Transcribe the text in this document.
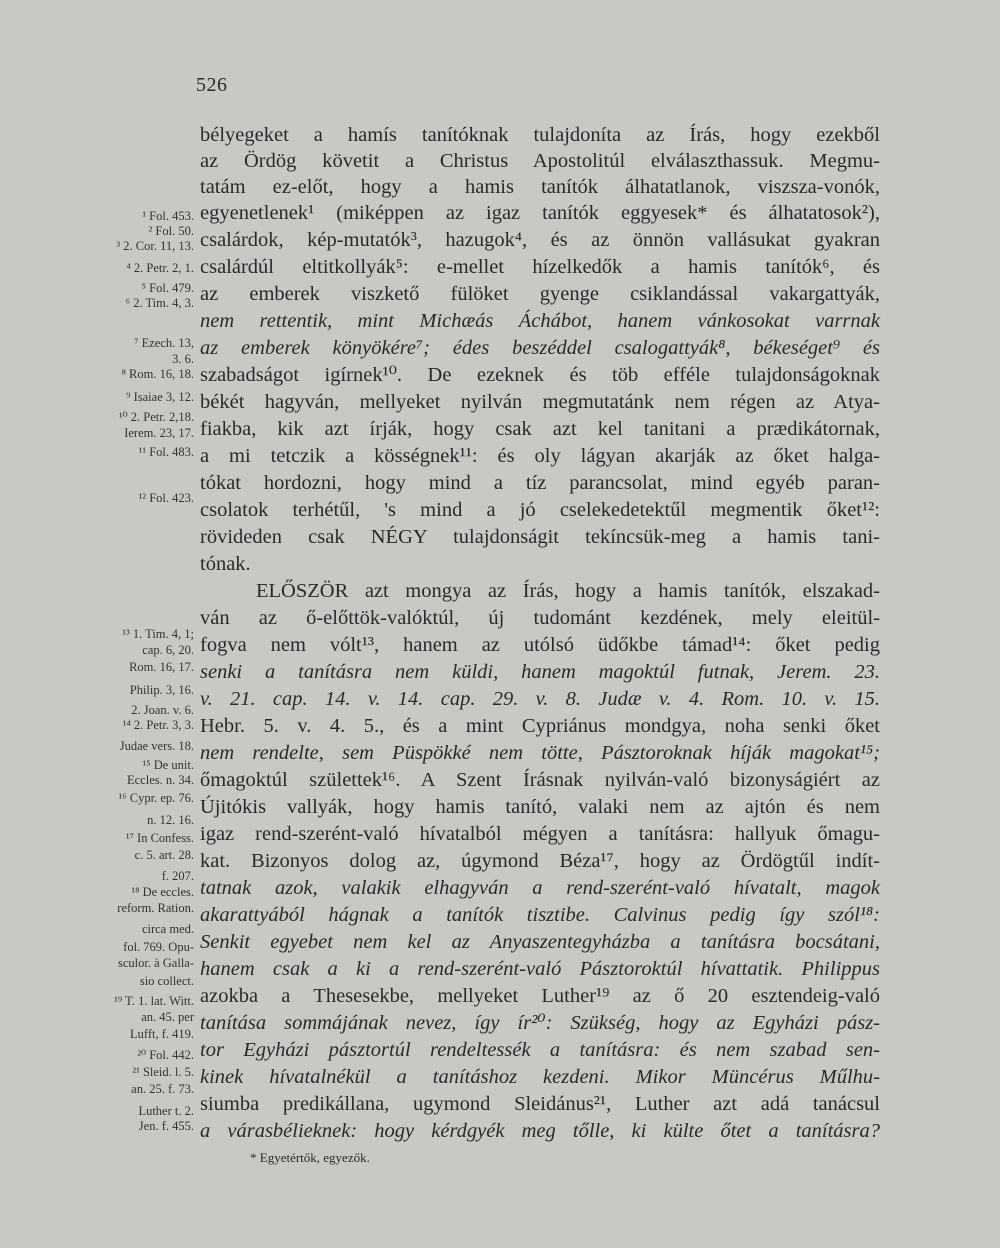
526
bélyegeket a hamís tanítóknak tulajdoníta az Írás, hogy ezekből
az Ördög követit a Christus Apostolitúl elválaszthassuk. Megmu-
tatám ez-előt, hogy a hamis tanítók álhatatlanok, viszsza-vonók,
egyenetlenek¹ (miképpen az igaz tanítók eggyesek* és álhatatosok²),
csalárdok, kép-mutatók³, hazugok⁴, és az önnön vallásukat gyakran
csalárdúl eltitkollyák⁵: e-mellet hízelkedők a hamis tanítók⁶, és
az emberek viszkető fülöket gyenge csiklandással vakargattyák,
nem rettentik, mint Michæás Áchábot, hanem vánkosokat varrnak
az emberek könyökére⁷; édes beszéddel csalogattyák⁸, békeséget⁹ és
szabadságot igírnek¹⁰. De ezeknek és töb efféle tulajdonságoknak
békét hagyván, mellyeket nyilván megmutatánk nem régen az Atya-
fiakba, kik azt írják, hogy csak azt kel tanitani a prædikátornak,
a mi tetczik a kösségnek¹¹: és oly lágyan akarják az őket halga-
tókat hordozni, hogy mind a tíz parancsolat, mind egyéb paran-
csolatok terhétűl, 's mind a jó cselekedetektűl megmentik őket¹²:
rövideden csak NÉGY tulajdonságit tekíncsük-meg a hamis tani-
tónak.
ELŐSZÖR azt mongya az Írás, hogy a hamis tanítók, elszakad-
ván az ő-előttök-valóktúl, új tudománt kezdének, mely eleitül-
fogva nem vólt¹³, hanem az utólsó üdőkbe támad¹⁴: őket pedig
senki a tanításra nem küldi, hanem magoktúl futnak, Jerem. 23.
v. 21. cap. 14. v. 14. cap. 29. v. 8. Judæ v. 4. Rom. 10. v. 15.
Hebr. 5. v. 4. 5., és a mint Cypriánus mondgya, noha senki őket
nem rendelte, sem Püspökké nem tötte, Pásztoroknak híják magokat¹⁵;
őmagoktúl születtek¹⁶. A Szent Írásnak nyilván-való bizonyságiért az
Újitókis vallyák, hogy hamis tanító, valaki nem az ajtón és nem
igaz rend-szerént-való hívatalból mégyen a tanításra: hallyuk őmagu-
kat. Bizonyos dolog az, úgymond Béza¹⁷, hogy az Ördögtűl indít-
tatnak azok, valakik elhagyván a rend-szerént-való hívatalt, magok
akarattyából hágnak a tanítók tisztibe. Calvinus pedig így szól¹⁸:
Senkit egyebet nem kel az Anyaszentegyházba a tanításra bocsátani,
hanem csak a ki a rend-szerént-való Pásztoroktúl hívattatik. Philippus
azokba a Thesesekbe, mellyeket Luther¹⁹ az ő 20 esztendeig-való
tanítása sommájának nevez, így ír²⁰: Szükség, hogy az Egyházi pász-
tor Egyházi pásztortúl rendeltessék a tanításra: és nem szabad sen-
kinek hívatalnékül a tanításhoz kezdeni. Mikor Müncérus Műlhu-
siumba predikállana, ugymond Sleidánus²¹, Luther azt adá tanácsul
a várasbélieknek: hogy kérdgyék meg tőlle, ki külte őtet a tanításra?
¹ Fol. 453.
² Fol. 50.
³ 2. Cor. 11, 13.
⁴ 2. Petr. 2, 1.
⁵ Fol. 479.
⁶ 2. Tim. 4, 3.
⁷ Ezech. 13,
3. 6.
⁸ Rom. 16, 18.
⁹ Isaiae 3, 12.
¹⁰ 2. Petr. 2,18.
Ierem. 23, 17.
¹¹ Fol. 483.
¹² Fol. 423.
¹³ 1. Tim. 4, 1;
cap. 6, 20.
Rom. 16, 17.
Philip. 3, 16.
2. Joan. v. 6.
¹⁴ 2. Petr. 3, 3.
Judae vers. 18.
¹⁵ De unit.
Eccles. n. 34.
¹⁶ Cypr. ep. 76.
n. 12. 16.
¹⁷ In Confess.
c. 5. art. 28.
f. 207.
¹⁸ De eccles.
reform. Ration.
circa med.
fol. 769. Opu-
sculor. à Galla-
sio collect.
¹⁹ T. 1. lat. Witt.
an. 45. per
Lufft, f. 419.
²⁰ Fol. 442.
²¹ Sleid. l. 5.
an. 25. f. 73.
Luther t. 2.
Jen. f. 455.
* Egyetértők, egyezők.
